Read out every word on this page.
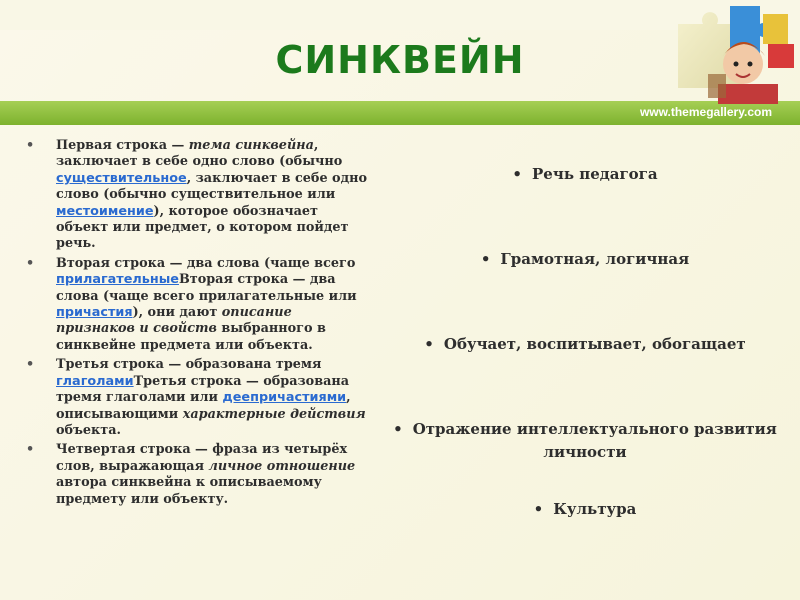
СИНКВЕЙН
www.themegallery.com
• Первая строка — тема синквейна, заключает в себе одно слово (обычно существительное, заключает в себе одно слово (обычно существительное или местоимение), которое обозначает объект или предмет, о котором пойдет речь.
• Вторая строка — два слова (чаще всего прилагательныеВторая строка — два слова (чаще всего прилагательные или причастия), они дают описание признаков и свойств выбранного в синквейне предмета или объекта.
• Третья строка — образована тремя глаголамиТретья строка — образована тремя глаголами или деепричастиями, описывающими характерные действия объекта.
• Четвертая строка — фраза из четырёх слов, выражающая личное отношение автора синквейна к описываемому предмету или объекту.
• Речь педагога
• Грамотная, логичная
• Обучает, воспитывает, обогащает
• Отражение интеллектуального развития личности
• Культура
